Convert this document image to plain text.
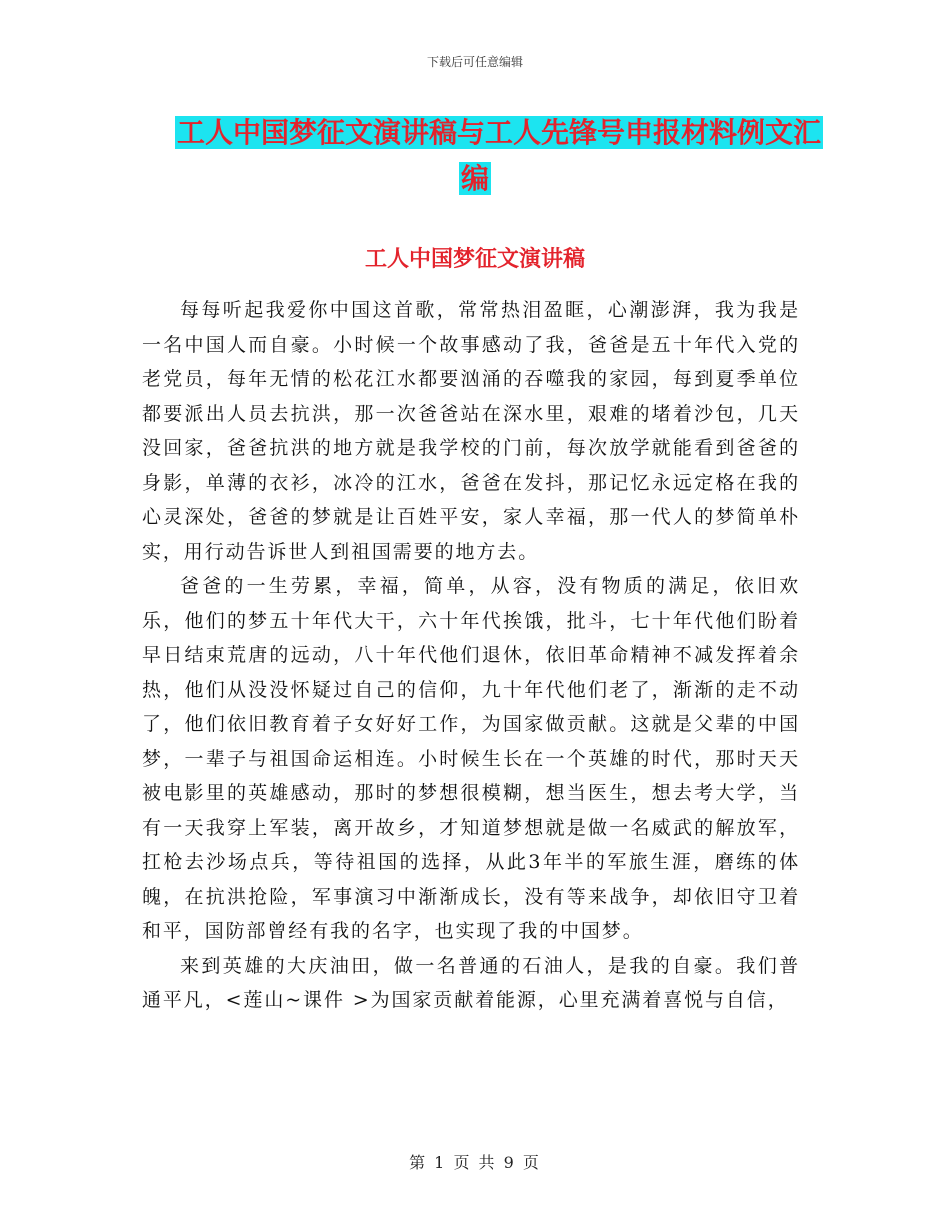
下载后可任意编辑
工人中国梦征文演讲稿与工人先锋号申报材料例文汇
编
工人中国梦征文演讲稿

每每听起我爱你中国这首歌，常常热泪盈眶，心潮澎湃，我为我是一名中国人而自豪。小时候一个故事感动了我，爸爸是五十年代入党的老党员，每年无情的松花江水都要汹涌的吞噬我的家园，每到夏季单位都要派出人员去抗洪，那一次爸爸站在深水里，艰难的堵着沙包，几天没回家，爸爸抗洪的地方就是我学校的门前，每次放学就能看到爸爸的身影，单薄的衣衫，冰冷的江水，爸爸在发抖，那记忆永远定格在我的心灵深处，爸爸的梦就是让百姓平安，家人幸福，那一代人的梦简单朴实，用行动告诉世人到祖国需要的地方去。

爸爸的一生劳累，幸福，简单，从容，没有物质的满足，依旧欢乐，他们的梦五十年代大干，六十年代挨饿，批斗，七十年代他们盼着早日结束荒唐的远动，八十年代他们退休，依旧革命精神不减发挥着余热，他们从没没怀疑过自己的信仰，九十年代他们老了，渐渐的走不动了，他们依旧教育着子女好好工作，为国家做贡献。这就是父辈的中国梦，一辈子与祖国命运相连。小时候生长在一个英雄的时代，那时天天被电影里的英雄感动，那时的梦想很模糊，想当医生，想去考大学，当有一天我穿上军装，离开故乡，才知道梦想就是做一名威武的解放军，扛枪去沙场点兵，等待祖国的选择，从此3年半的军旅生涯，磨练的体魄，在抗洪抢险，军事演习中渐渐成长，没有等来战争，却依旧守卫着和平，国防部曾经有我的名字，也实现了我的中国梦。

来到英雄的大庆油田，做一名普通的石油人，是我的自豪。我们普通平凡，<莲山~课件 >为国家贡献着能源，心里充满着喜悦与自信，

第 1 页 共 9 页
